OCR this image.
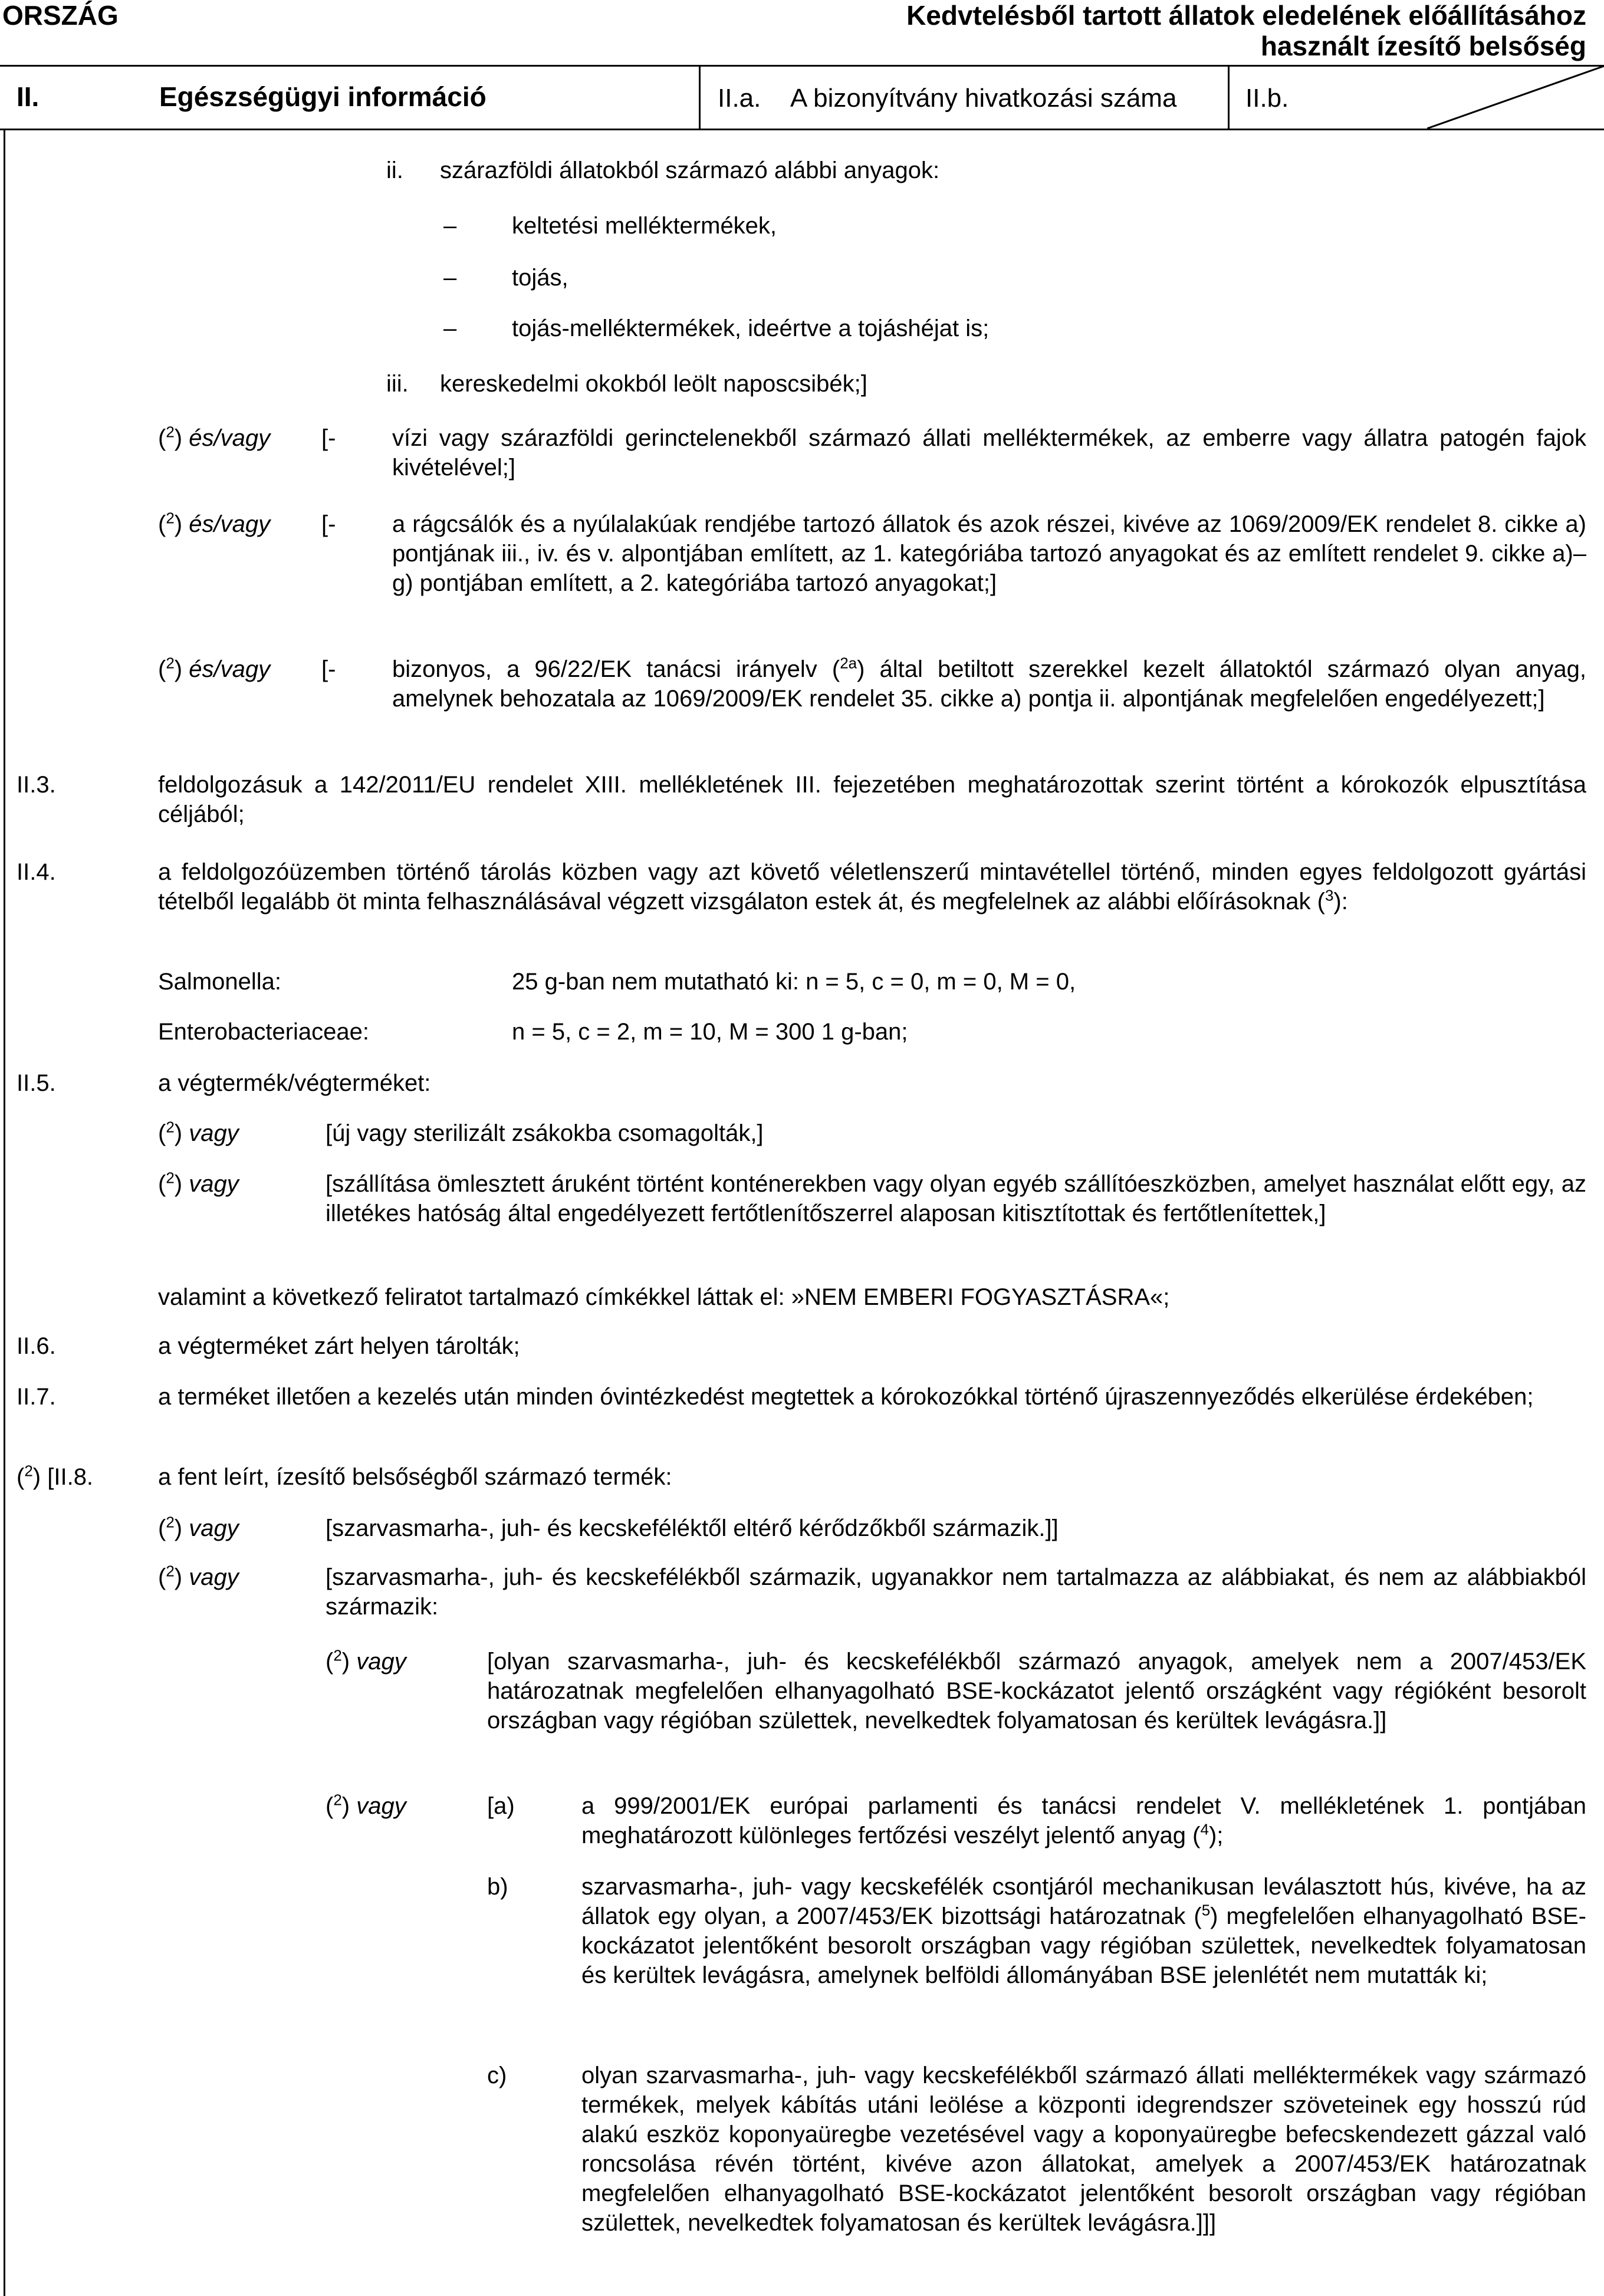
ORSZÁG	Kedvtelésből tartott állatok eledelének előállításához
használt ízesítő belsőség
II.	Egészségügyi információ	II.a. A bizonyítvány hivatkozási száma	II.b.
ii. szárazföldi állatokból származó alábbi anyagok:
– keltetési melléktermékek,
– tojás,
– tojás-melléktermékek, ideértve a tojáshéjat is;
iii. kereskedelmi okokból leölt naposcsibék;]
($^2$) és/vagy [- vízi vagy szárazföldi gerinctelenekből származó állati melléktermékek, az emberre vagy állatra patogén fajok kivételével;]
($^2$) és/vagy [- a rágcsálók és a nyúlalakúak rendjébe tartozó állatok és azok részei, kivéve az 1069/2009/EK rendelet 8. cikke a) pontjának iii., iv. és v. alpontjában említett, az 1. kategóriába tartozó anyagokat és az említett rendelet 9. cikke a)–g) pontjában említett, a 2. kategóriába tartozó anyagokat;]
($^2$) és/vagy [- bizonyos, a 96/22/EK tanácsi irányelv ($^{2a}$) által betiltott szerekkel kezelt állatoktól származó olyan anyag, amelynek behozatala az 1069/2009/EK rendelet 35. cikke a) pontja ii. alpontjának megfelelően engedélyezett;]
II.3.	feldolgozásuk a 142/2011/EU rendelet XIII. mellékletének III. fejezetében meghatározottak szerint történt a kórokozók elpusztítása céljából;
II.4.	a feldolgozóüzemben történő tárolás közben vagy azt követő véletlenszerű mintavétellel történő, minden egyes feldolgozott gyártási tételből legalább öt minta felhasználásával végzett vizsgálaton estek át, és megfelelnek az alábbi előírásoknak ($^3$):
Salmonella:	25 g-ban nem mutatható ki: n = 5, c = 0, m = 0, M = 0,
Enterobacteriaceae:	n = 5, c = 2, m = 10, M = 300 1 g-ban;
II.5.	a végtermék/végterméket:
($^2$) vagy	[új vagy sterilizált zsákokba csomagolták,]
($^2$) vagy	[szállítása ömlesztett áruként történt konténerekben vagy olyan egyéb szállítóeszközben, amelyet használat előtt egy, az illetékes hatóság által engedélyezett fertőtlenítőszerrel alaposan kitisztítottak és fertőtlenítettek,]
valamint a következő feliratot tartalmazó címkékkel láttak el: »NEM EMBERI FOGYASZTÁSRA«;
II.6.	a végterméket zárt helyen tárolták;
II.7.	a terméket illetően a kezelés után minden óvintézkedést megtettek a kórokozókkal történő újraszennyeződés elkerülése érdekében;
($^2$) [II.8.	a fent leírt, ízesítő belsőségből származó termék:
($^2$) vagy	[szarvasmarha-, juh- és kecskeféléktől eltérő kérődzőkből származik.]]
($^2$) vagy	[szarvasmarha-, juh- és kecskefélékből származik, ugyanakkor nem tartalmazza az alábbiakat, és nem az alábbiakból származik:
($^2$) vagy	[olyan szarvasmarha-, juh- és kecskefélékből származó anyagok, amelyek nem a 2007/453/EK határozatnak megfelelően elhanyagolható BSE-kockázatot jelentő országként vagy régióként besorolt országban vagy régióban születtek, nevelkedtek folyamatosan és kerültek levágásra.]]
($^2$) vagy	[a)	a 999/2001/EK európai parlamenti és tanácsi rendelet V. mellékletének 1. pontjában meghatározott különleges fertőzési veszélyt jelentő anyag ($^4$);
b)	szarvasmarha-, juh- vagy kecskefélék csontjáról mechanikusan leválasztott hús, kivéve, ha az állatok egy olyan, a 2007/453/EK bizottsági határozatnak ($^5$) megfelelően elhanyagolható BSE-kockázatot jelentőként besorolt országban vagy régióban születtek, nevelkedtek folyamatosan és kerültek levágásra, amelynek belföldi állományában BSE jelenlétét nem mutatták ki;
c)	olyan szarvasmarha-, juh- vagy kecskefélékből származó állati melléktermékek vagy származó termékek, melyek kábítás utáni leölése a központi idegrendszer szöveteinek egy hosszú rúd alakú eszköz koponyaüregbe vezetésével vagy a koponyaüregbe befecskendezett gázzal való roncsolása révén történt, kivéve azon állatokat, amelyek a 2007/453/EK határozatnak megfelelően elhanyagolható BSE-kockázatot jelentőként besorolt országban vagy régióban születtek, nevelkedtek folyamatosan és kerültek levágásra.]]]
